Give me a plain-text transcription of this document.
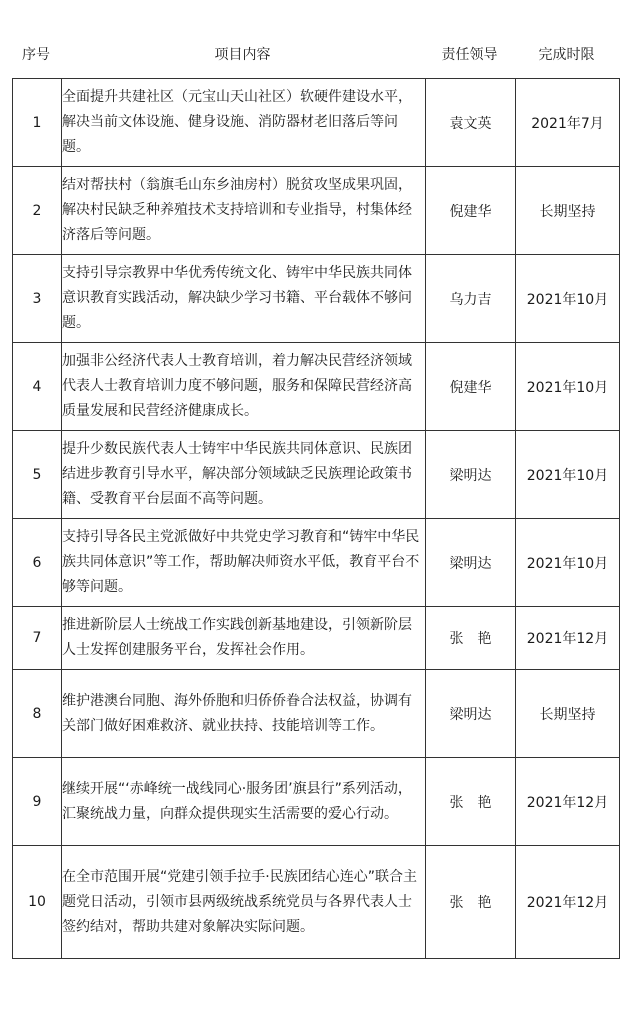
序号	项目内容	责任领导	完成时限
1	全面提升共建社区（元宝山天山社区）软硬件建设水平，解决当前文体设施、健身设施、消防器材老旧落后等问题。	袁文英	2021年7月
2	结对帮扶村（翁旗毛山东乡油房村）脱贫攻坚成果巩固，解决村民缺乏种养殖技术支持培训和专业指导，村集体经济落后等问题。	倪建华	长期坚持
3	支持引导宗教界中华优秀传统文化、铸牢中华民族共同体意识教育实践活动，解决缺少学习书籍、平台载体不够问题。	乌力吉	2021年10月
4	加强非公经济代表人士教育培训，着力解决民营经济领域代表人士教育培训力度不够问题，服务和保障民营经济高质量发展和民营经济健康成长。	倪建华	2021年10月
5	提升少数民族代表人士铸牢中华民族共同体意识、民族团结进步教育引导水平，解决部分领域缺乏民族理论政策书籍、受教育平台层面不高等问题。	梁明达	2021年10月
6	支持引导各民主党派做好中共党史学习教育和“铸牢中华民族共同体意识”等工作，帮助解决师资水平低，教育平台不够等问题。	梁明达	2021年10月
7	推进新阶层人士统战工作实践创新基地建设，引领新阶层人士发挥创建服务平台，发挥社会作用。	张　艳	2021年12月
8	维护港澳台同胞、海外侨胞和归侨侨眷合法权益，协调有关部门做好困难救济、就业扶持、技能培训等工作。	梁明达	长期坚持
9	继续开展“‘赤峰统一战线同心·服务团’旗县行”系列活动，汇聚统战力量，向群众提供现实生活需要的爱心行动。	张　艳	2021年12月
10	在全市范围开展“党建引领手拉手·民族团结心连心”联合主题党日活动，引领市县两级统战系统党员与各界代表人士签约结对，帮助共建对象解决实际问题。	张　艳	2021年12月
